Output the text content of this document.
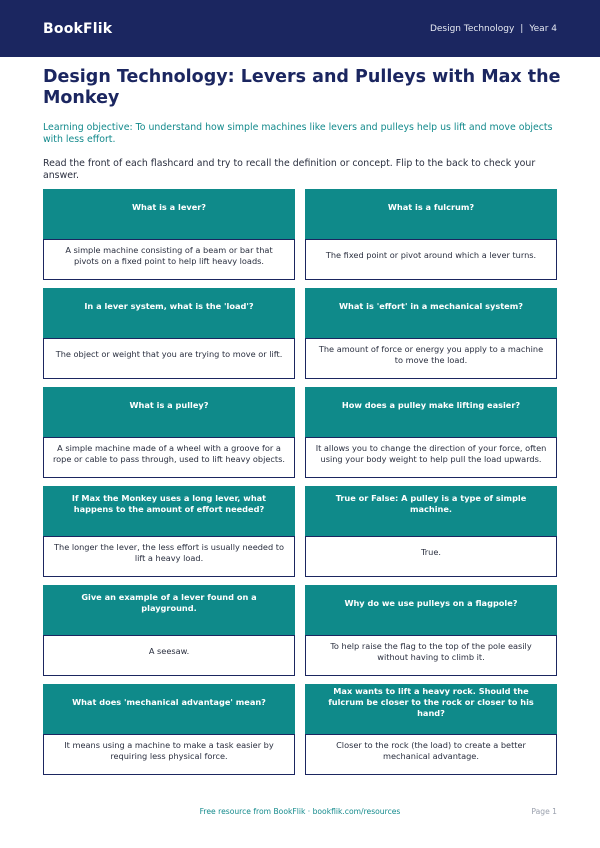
BookFlik	Design Technology | Year 4
Design Technology: Levers and Pulleys with Max the Monkey

Learning objective: To understand how simple machines like levers and pulleys help us lift and move objects with less effort.

Read the front of each flashcard and try to recall the definition or concept. Flip to the back to check your answer.

What is a lever?
A simple machine consisting of a beam or bar that pivots on a fixed point to help lift heavy loads.
What is a fulcrum?
The fixed point or pivot around which a lever turns.
In a lever system, what is the 'load'?
The object or weight that you are trying to move or lift.
What is 'effort' in a mechanical system?
The amount of force or energy you apply to a machine to move the load.
What is a pulley?
A simple machine made of a wheel with a groove for a rope or cable to pass through, used to lift heavy objects.
How does a pulley make lifting easier?
It allows you to change the direction of your force, often using your body weight to help pull the load upwards.
If Max the Monkey uses a long lever, what happens to the amount of effort needed?
The longer the lever, the less effort is usually needed to lift a heavy load.
True or False: A pulley is a type of simple machine.
True.
Give an example of a lever found on a playground.
A seesaw.
Why do we use pulleys on a flagpole?
To help raise the flag to the top of the pole easily without having to climb it.
What does 'mechanical advantage' mean?
It means using a machine to make a task easier by requiring less physical force.
Max wants to lift a heavy rock. Should the fulcrum be closer to the rock or closer to his hand?
Closer to the rock (the load) to create a better mechanical advantage.
Free resource from BookFlik · bookflik.com/resources	Page 1
